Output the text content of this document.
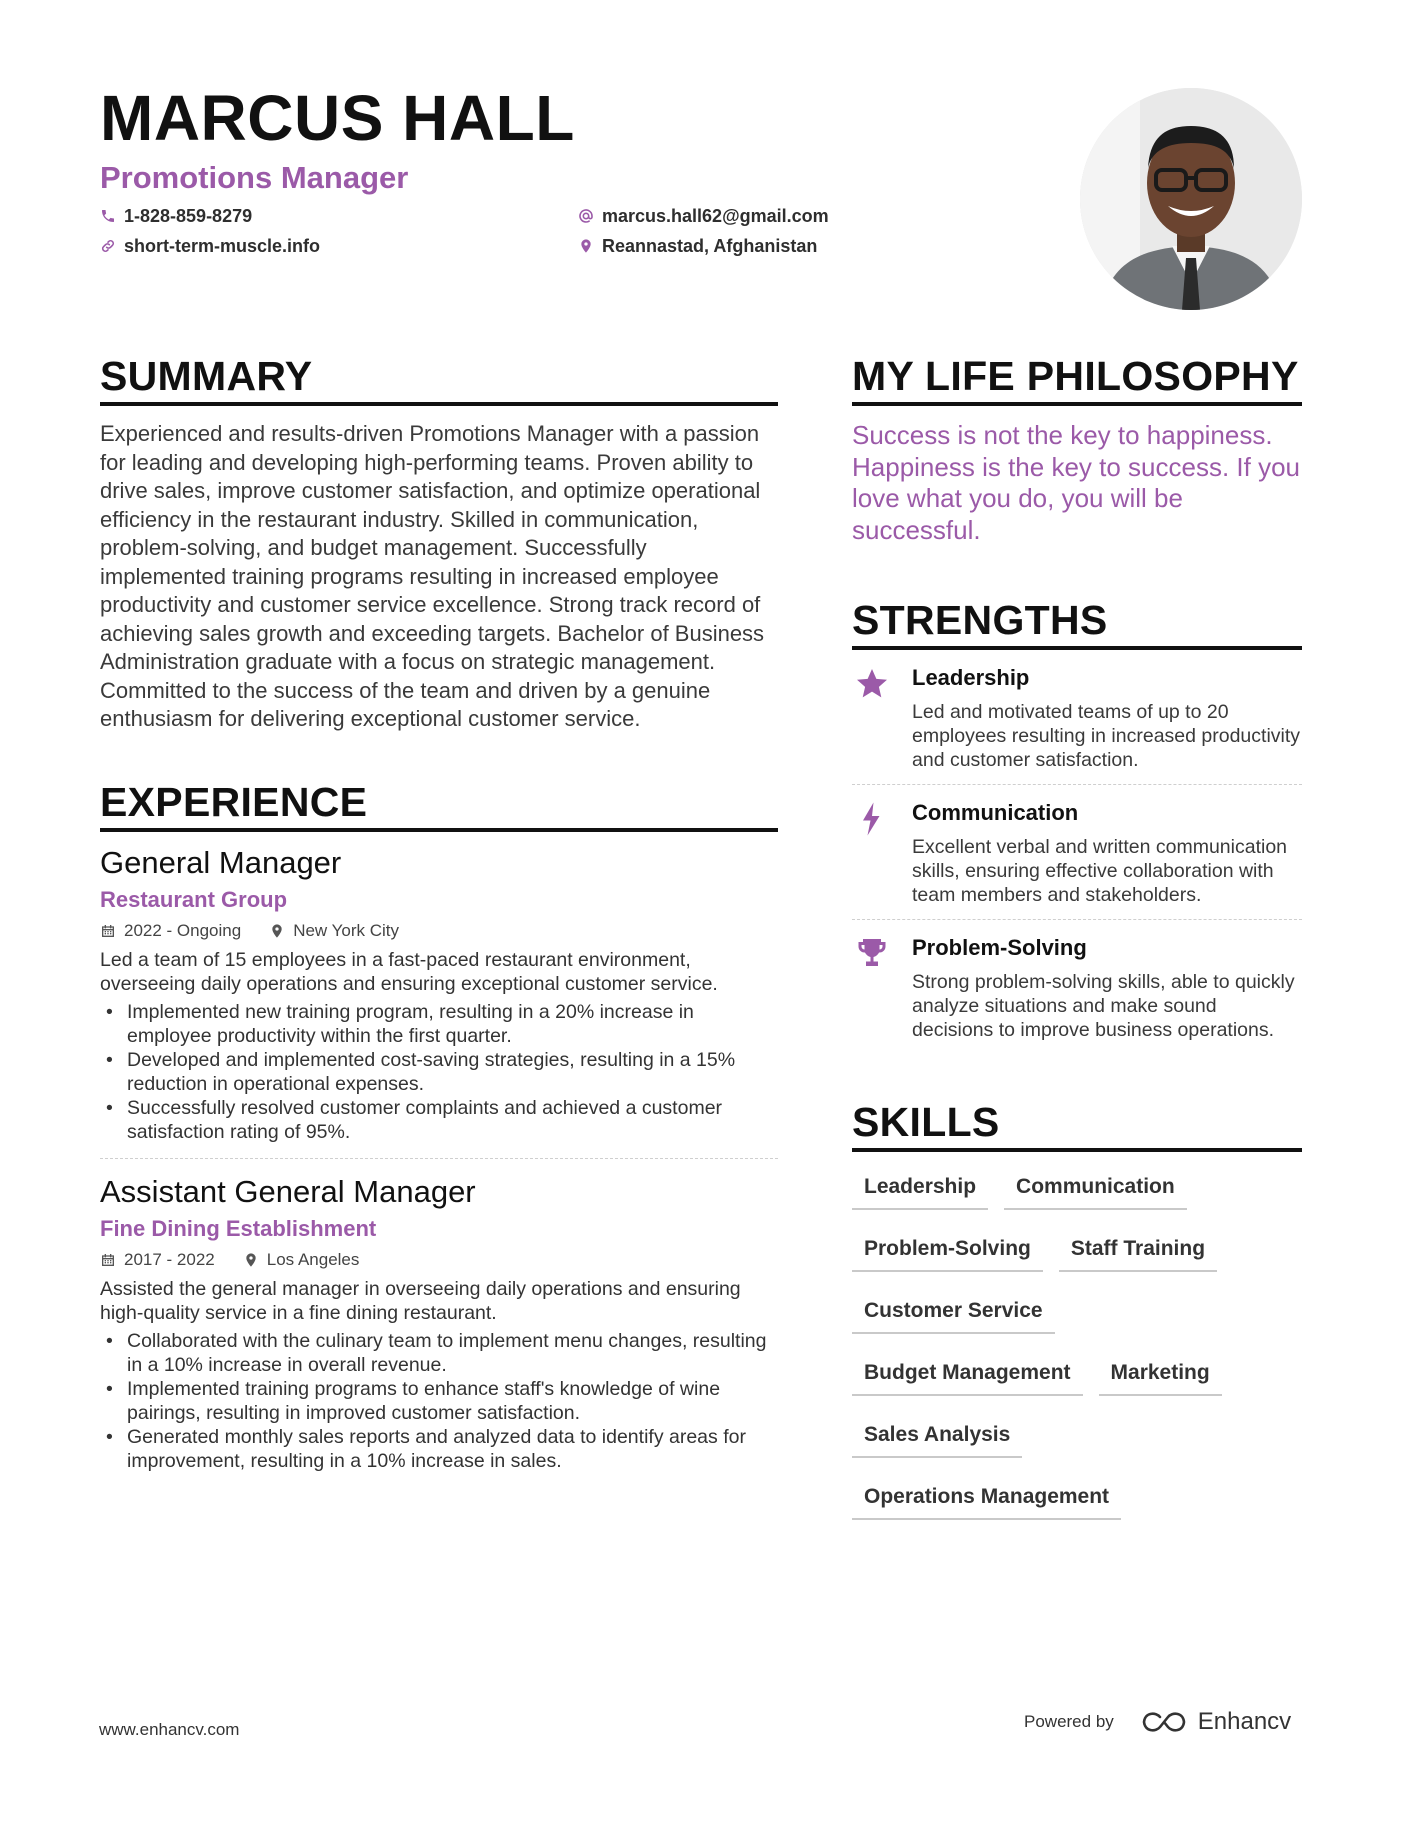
MARCUS HALL
Promotions Manager
1-828-859-8279	marcus.hall62@gmail.com
short-term-muscle.info	Reannastad, Afghanistan
SUMMARY
Experienced and results-driven Promotions Manager with a passion for leading and developing high-performing teams. Proven ability to drive sales, improve customer satisfaction, and optimize operational efficiency in the restaurant industry. Skilled in communication, problem-solving, and budget management. Successfully implemented training programs resulting in increased employee productivity and customer service excellence. Strong track record of achieving sales growth and exceeding targets. Bachelor of Business Administration graduate with a focus on strategic management. Committed to the success of the team and driven by a genuine enthusiasm for delivering exceptional customer service.
EXPERIENCE
General Manager
Restaurant Group
2022 - Ongoing	New York City
Led a team of 15 employees in a fast-paced restaurant environment, overseeing daily operations and ensuring exceptional customer service.
• Implemented new training program, resulting in a 20% increase in employee productivity within the first quarter.
• Developed and implemented cost-saving strategies, resulting in a 15% reduction in operational expenses.
• Successfully resolved customer complaints and achieved a customer satisfaction rating of 95%.
Assistant General Manager
Fine Dining Establishment
2017 - 2022	Los Angeles
Assisted the general manager in overseeing daily operations and ensuring high-quality service in a fine dining restaurant.
• Collaborated with the culinary team to implement menu changes, resulting in a 10% increase in overall revenue.
• Implemented training programs to enhance staff's knowledge of wine pairings, resulting in improved customer satisfaction.
• Generated monthly sales reports and analyzed data to identify areas for improvement, resulting in a 10% increase in sales.
MY LIFE PHILOSOPHY
Success is not the key to happiness. Happiness is the key to success. If you love what you do, you will be successful.
STRENGTHS
Leadership
Led and motivated teams of up to 20 employees resulting in increased productivity and customer satisfaction.
Communication
Excellent verbal and written communication skills, ensuring effective collaboration with team members and stakeholders.
Problem-Solving
Strong problem-solving skills, able to quickly analyze situations and make sound decisions to improve business operations.
SKILLS
Leadership	Communication
Problem-Solving	Staff Training
Customer Service
Budget Management	Marketing
Sales Analysis
Operations Management
www.enhancv.com	Powered by	Enhancv
